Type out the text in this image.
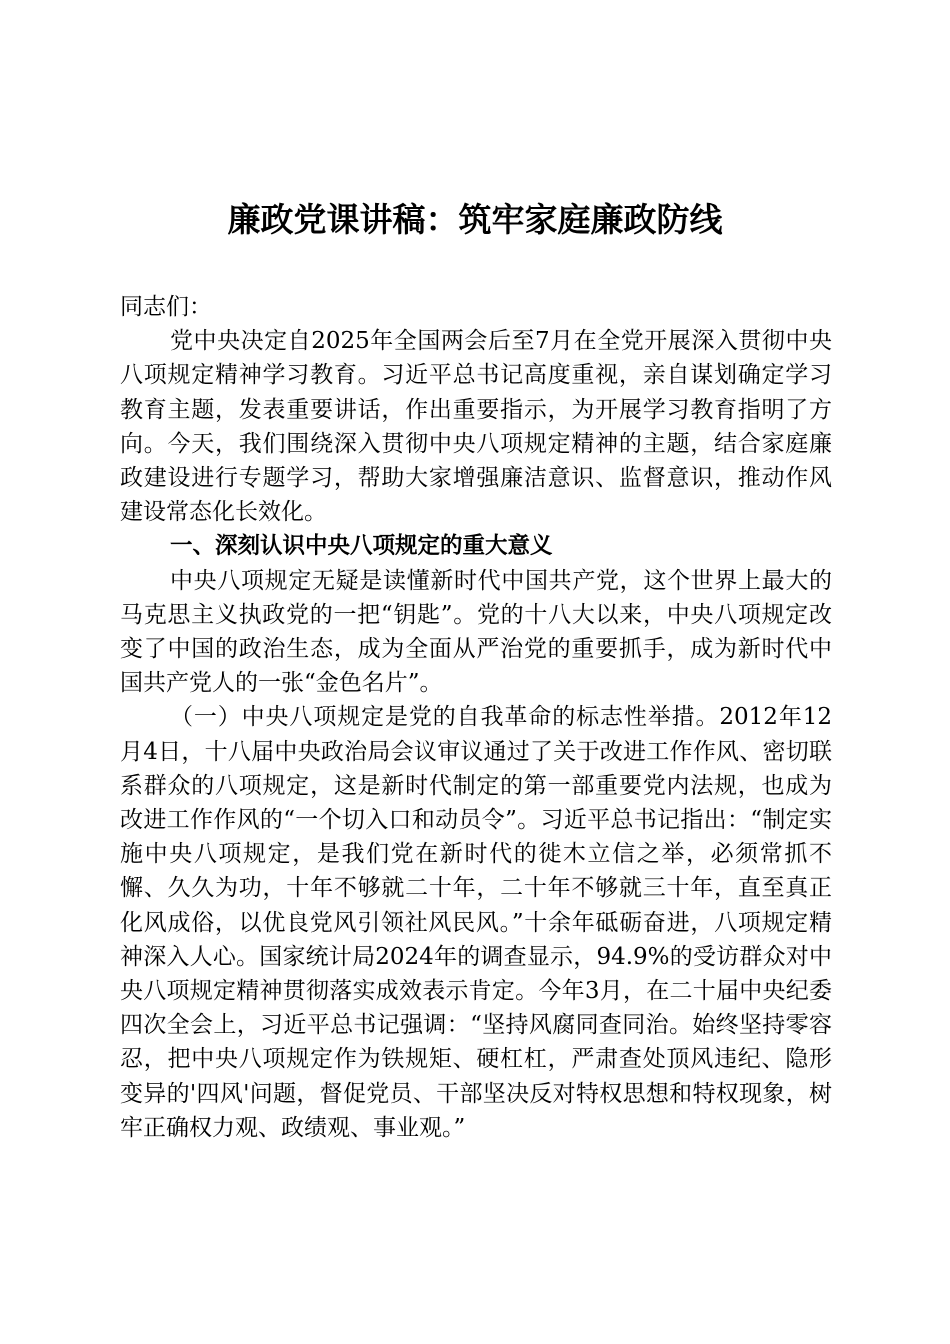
廉政党课讲稿：筑牢家庭廉政防线

同志们：

党中央决定自2025年全国两会后至7月在全党开展深入贯彻中央八项规定精神学习教育。习近平总书记高度重视，亲自谋划确定学习教育主题，发表重要讲话，作出重要指示，为开展学习教育指明了方向。今天，我们围绕深入贯彻中央八项规定精神的主题，结合家庭廉政建设进行专题学习，帮助大家增强廉洁意识、监督意识，推动作风建设常态化长效化。

一、深刻认识中央八项规定的重大意义

中央八项规定无疑是读懂新时代中国共产党，这个世界上最大的马克思主义执政党的一把“钥匙”。党的十八大以来，中央八项规定改变了中国的政治生态，成为全面从严治党的重要抓手，成为新时代中国共产党人的一张“金色名片”。

（一）中央八项规定是党的自我革命的标志性举措。2012年12月4日，十八届中央政治局会议审议通过了关于改进工作作风、密切联系群众的八项规定，这是新时代制定的第一部重要党内法规，也成为改进工作作风的“一个切入口和动员令”。习近平总书记指出：“制定实施中央八项规定，是我们党在新时代的徙木立信之举，必须常抓不懈、久久为功，十年不够就二十年，二十年不够就三十年，直至真正化风成俗，以优良党风引领社风民风。”十余年砥砺奋进，八项规定精神深入人心。国家统计局2024年的调查显示，94.9%的受访群众对中央八项规定精神贯彻落实成效表示肯定。今年3月，在二十届中央纪委四次全会上，习近平总书记强调：“坚持风腐同查同治。始终坚持零容忍，把中央八项规定作为铁规矩、硬杠杠，严肃查处顶风违纪、隐形变异的'四风'问题，督促党员、干部坚决反对特权思想和特权现象，树牢正确权力观、政绩观、事业观。”
